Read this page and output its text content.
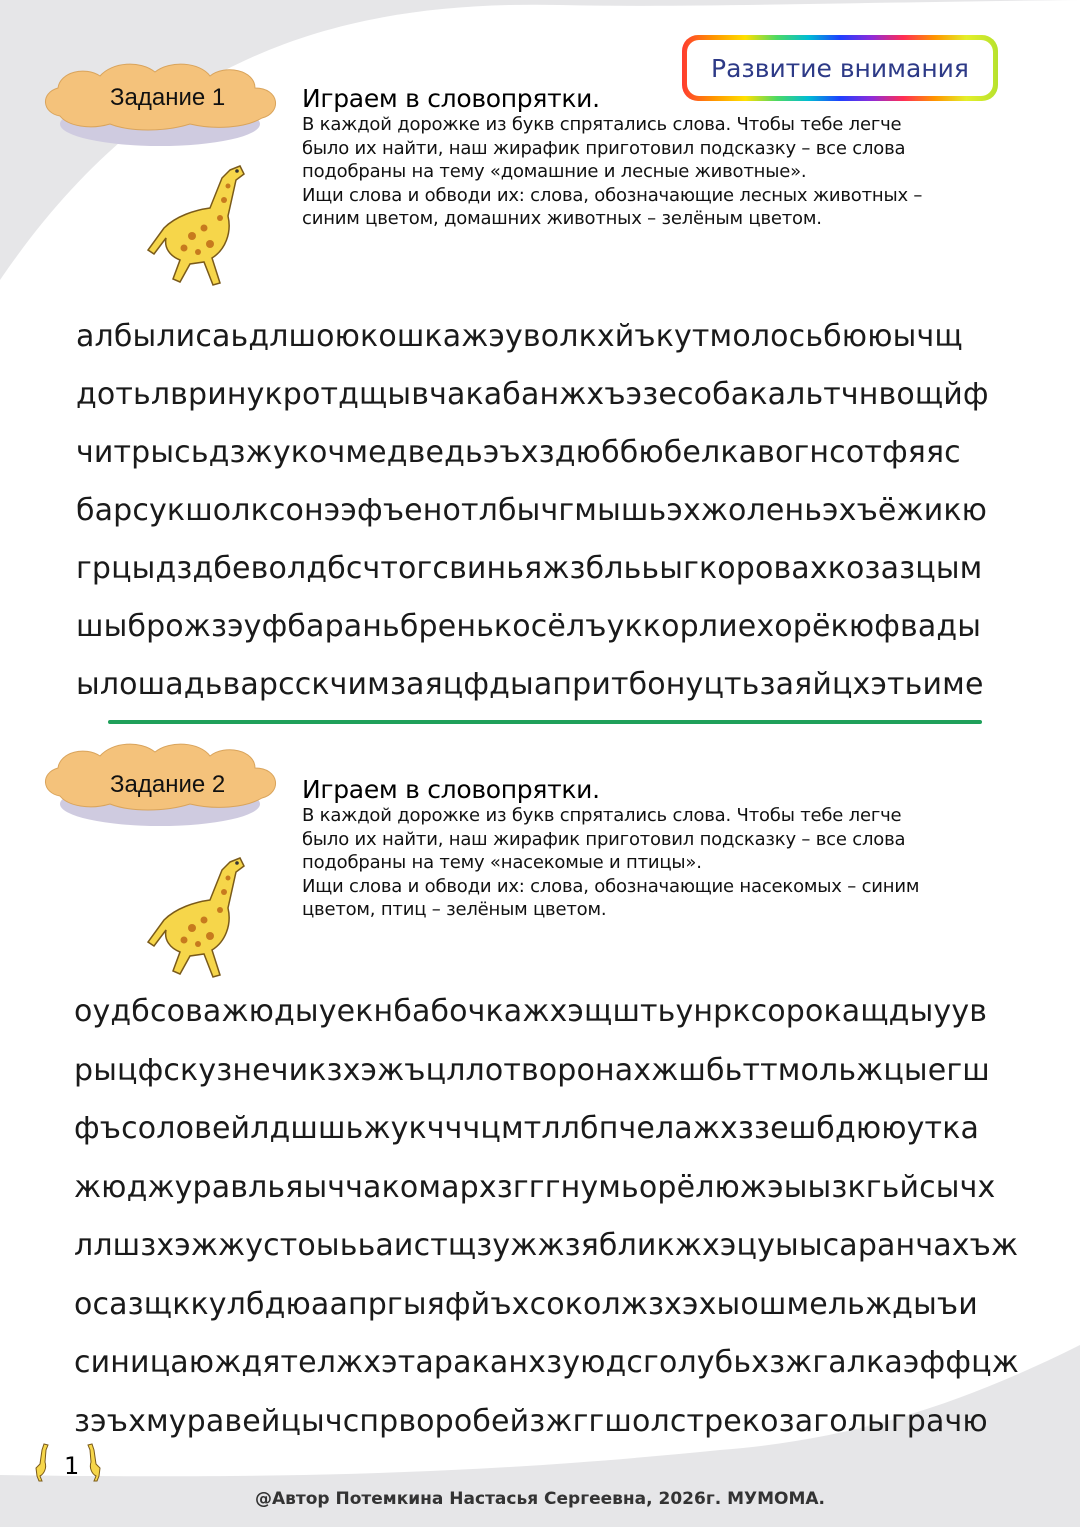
Развитие внимания
Задание 1	Играем в словопрятки.
В каждой дорожке из букв спрятались слова. Чтобы тебе легче
было их найти, наш жирафик приготовил подсказку – все слова
подобраны на тему «домашние и лесные животные».
Ищи слова и обводи их: слова, обозначающие лесных животных –
синим цветом, домашних животных – зелёным цветом.
албылисаьдлшоюкошкажэуволкхйъкутмолосьбююычщ
дотьлвринукротдщывчакабанжхъэзесобакальтчнвощйф
читрысьдзжукочмедведьэъхздюббюбелкавогнсотфяяс
барсукшолксонээфъенотлбычгмышьэхжоленьэхъёжикю
грцыдздбеволдбсчтогсвиньяжзблььыгкоровахкозазцым
шыброжзэуфбараньбренькосёлъуккорлиехорёкюфвады
ылошадьварсскчимзаяцфдыапритбонуцтьзаяйцхэтьиме
Задание 2	Играем в словопрятки.
В каждой дорожке из букв спрятались слова. Чтобы тебе легче
было их найти, наш жирафик приготовил подсказку – все слова
подобраны на тему «насекомые и птицы».
Ищи слова и обводи их: слова, обозначающие насекомых – синим
цветом, птиц – зелёным цветом.
оудбсоважюдыуекнбабочкажхэщштьунрксорокащдыуув
рыцфскузнечикзхэжъцллотворонахжшбьттмольжцыегш
фъсоловейлдшшьжукчччцмтллбпчелажхззешбдююутка
жюджуравльяыччакомархзгггнумьорёлюжэыызкгьйсычх
ллшзхэжжустоыььаистщзужжзябликжхэцуыысаранчахъж
осазщккулбдюаапргыяфйъхсоколжзхэхыошмельждыъи
синицаюждятелжхэтараканхзуюдсголубьхзжгалкаэффцж
зэъхмуравейцычспрворобейзжггшолстрекозаголыграчю
1
@Автор Потемкина Настасья Сергеевна, 2026г. МУМОМА.
